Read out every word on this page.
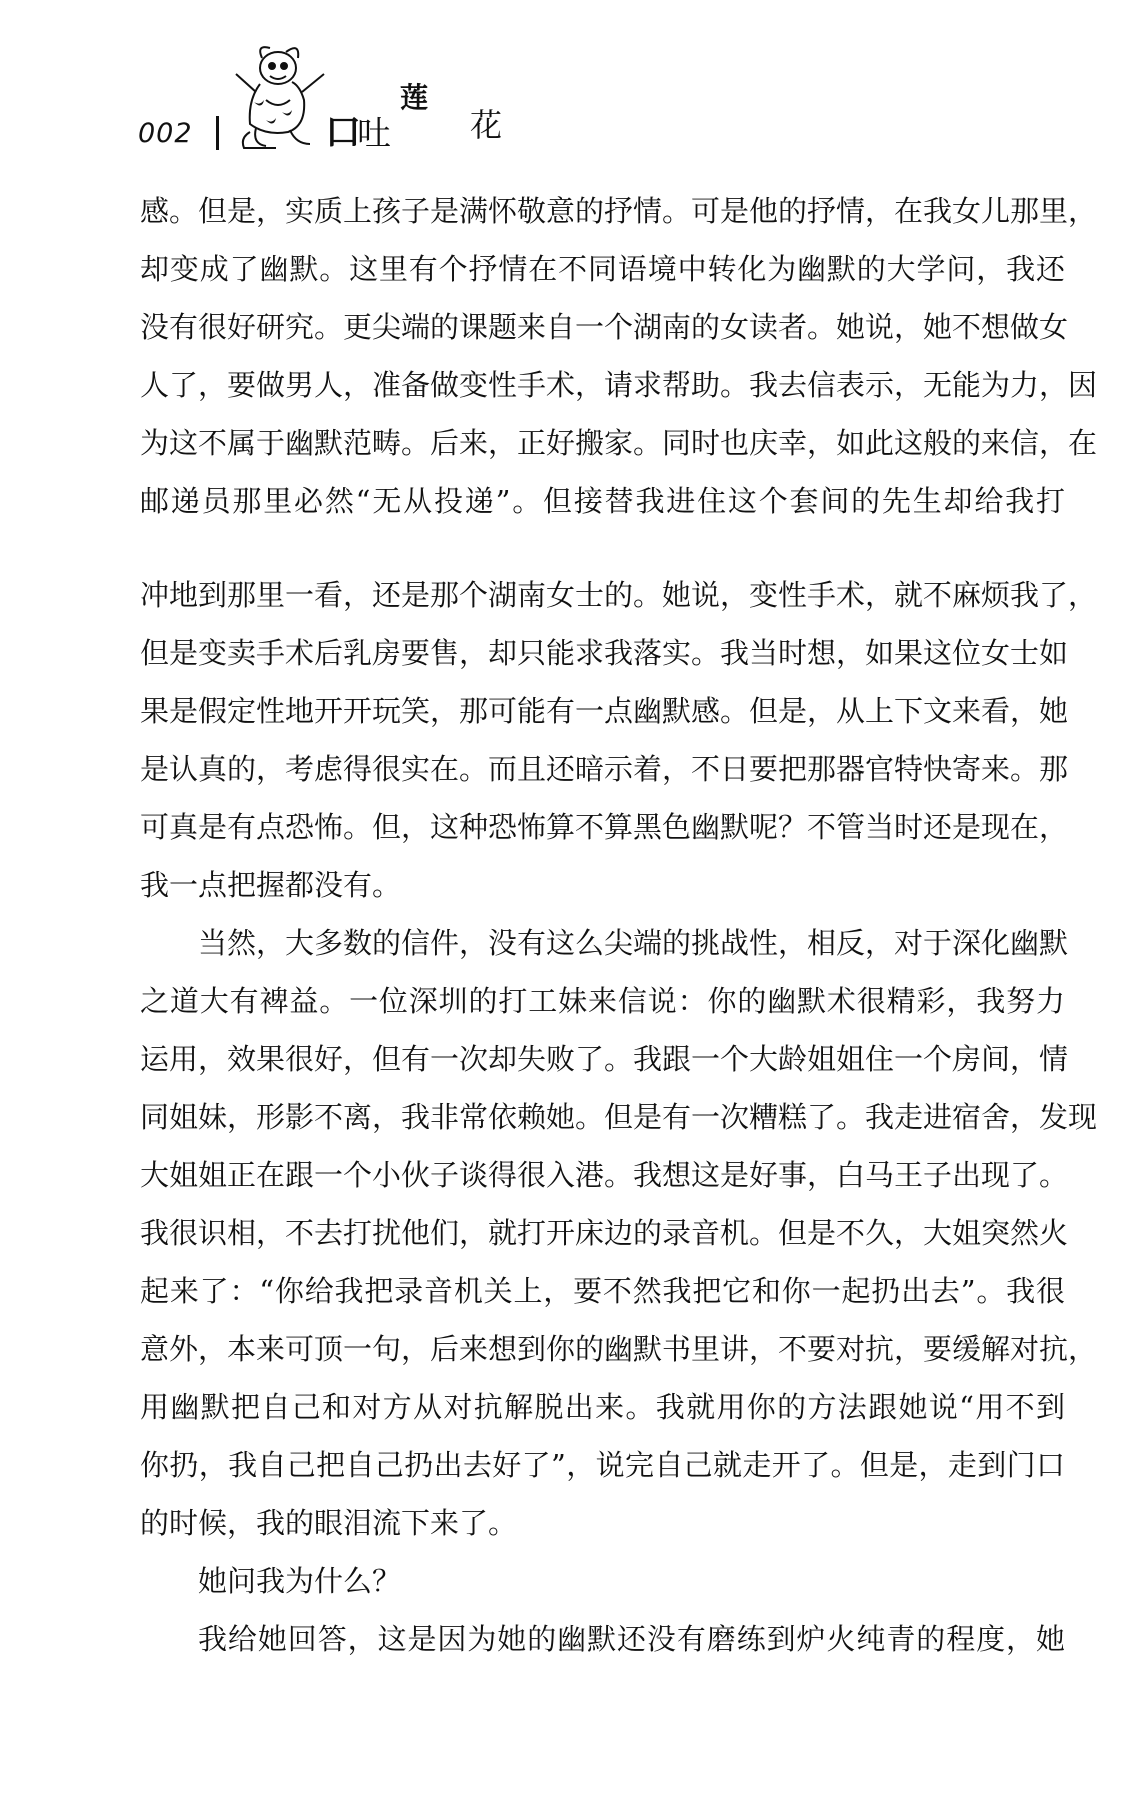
002	口
吐
莲
花
感。但是，实质上孩子是满怀敬意的抒情。可是他的抒情，在我女儿那里，
却变成了幽默。这里有个抒情在不同语境中转化为幽默的大学问，我还
没有很好研究。更尖端的课题来自一个湖南的女读者。她说，她不想做女
人了，要做男人，准备做变性手术，请求帮助。我去信表示，无能为力，因
为这不属于幽默范畴。后来，正好搬家。同时也庆幸，如此这般的来信，在
邮递员那里必然“无从投递”。但接替我进住这个套间的先生却给我打
冲地到那里一看，还是那个湖南女士的。她说，变性手术，就不麻烦我了，
但是变卖手术后乳房要售，却只能求我落实。我当时想，如果这位女士如
果是假定性地开开玩笑，那可能有一点幽默感。但是，从上下文来看，她
是认真的，考虑得很实在。而且还暗示着，不日要把那器官特快寄来。那
可真是有点恐怖。但，这种恐怖算不算黑色幽默呢？不管当时还是现在，
我一点把握都没有。
当然，大多数的信件，没有这么尖端的挑战性，相反，对于深化幽默
之道大有裨益。一位深圳的打工妹来信说：你的幽默术很精彩，我努力
运用，效果很好，但有一次却失败了。我跟一个大龄姐姐住一个房间，情
同姐妹，形影不离，我非常依赖她。但是有一次糟糕了。我走进宿舍，发现
大姐姐正在跟一个小伙子谈得很入港。我想这是好事，白马王子出现了。
我很识相，不去打扰他们，就打开床边的录音机。但是不久，大姐突然火
起来了：“你给我把录音机关上，要不然我把它和你一起扔出去”。我很
意外，本来可顶一句，后来想到你的幽默书里讲，不要对抗，要缓解对抗，
用幽默把自己和对方从对抗解脱出来。我就用你的方法跟她说“用不到
你扔，我自己把自己扔出去好了”，说完自己就走开了。但是，走到门口
的时候，我的眼泪流下来了。
她问我为什么？
我给她回答，这是因为她的幽默还没有磨练到炉火纯青的程度，她
